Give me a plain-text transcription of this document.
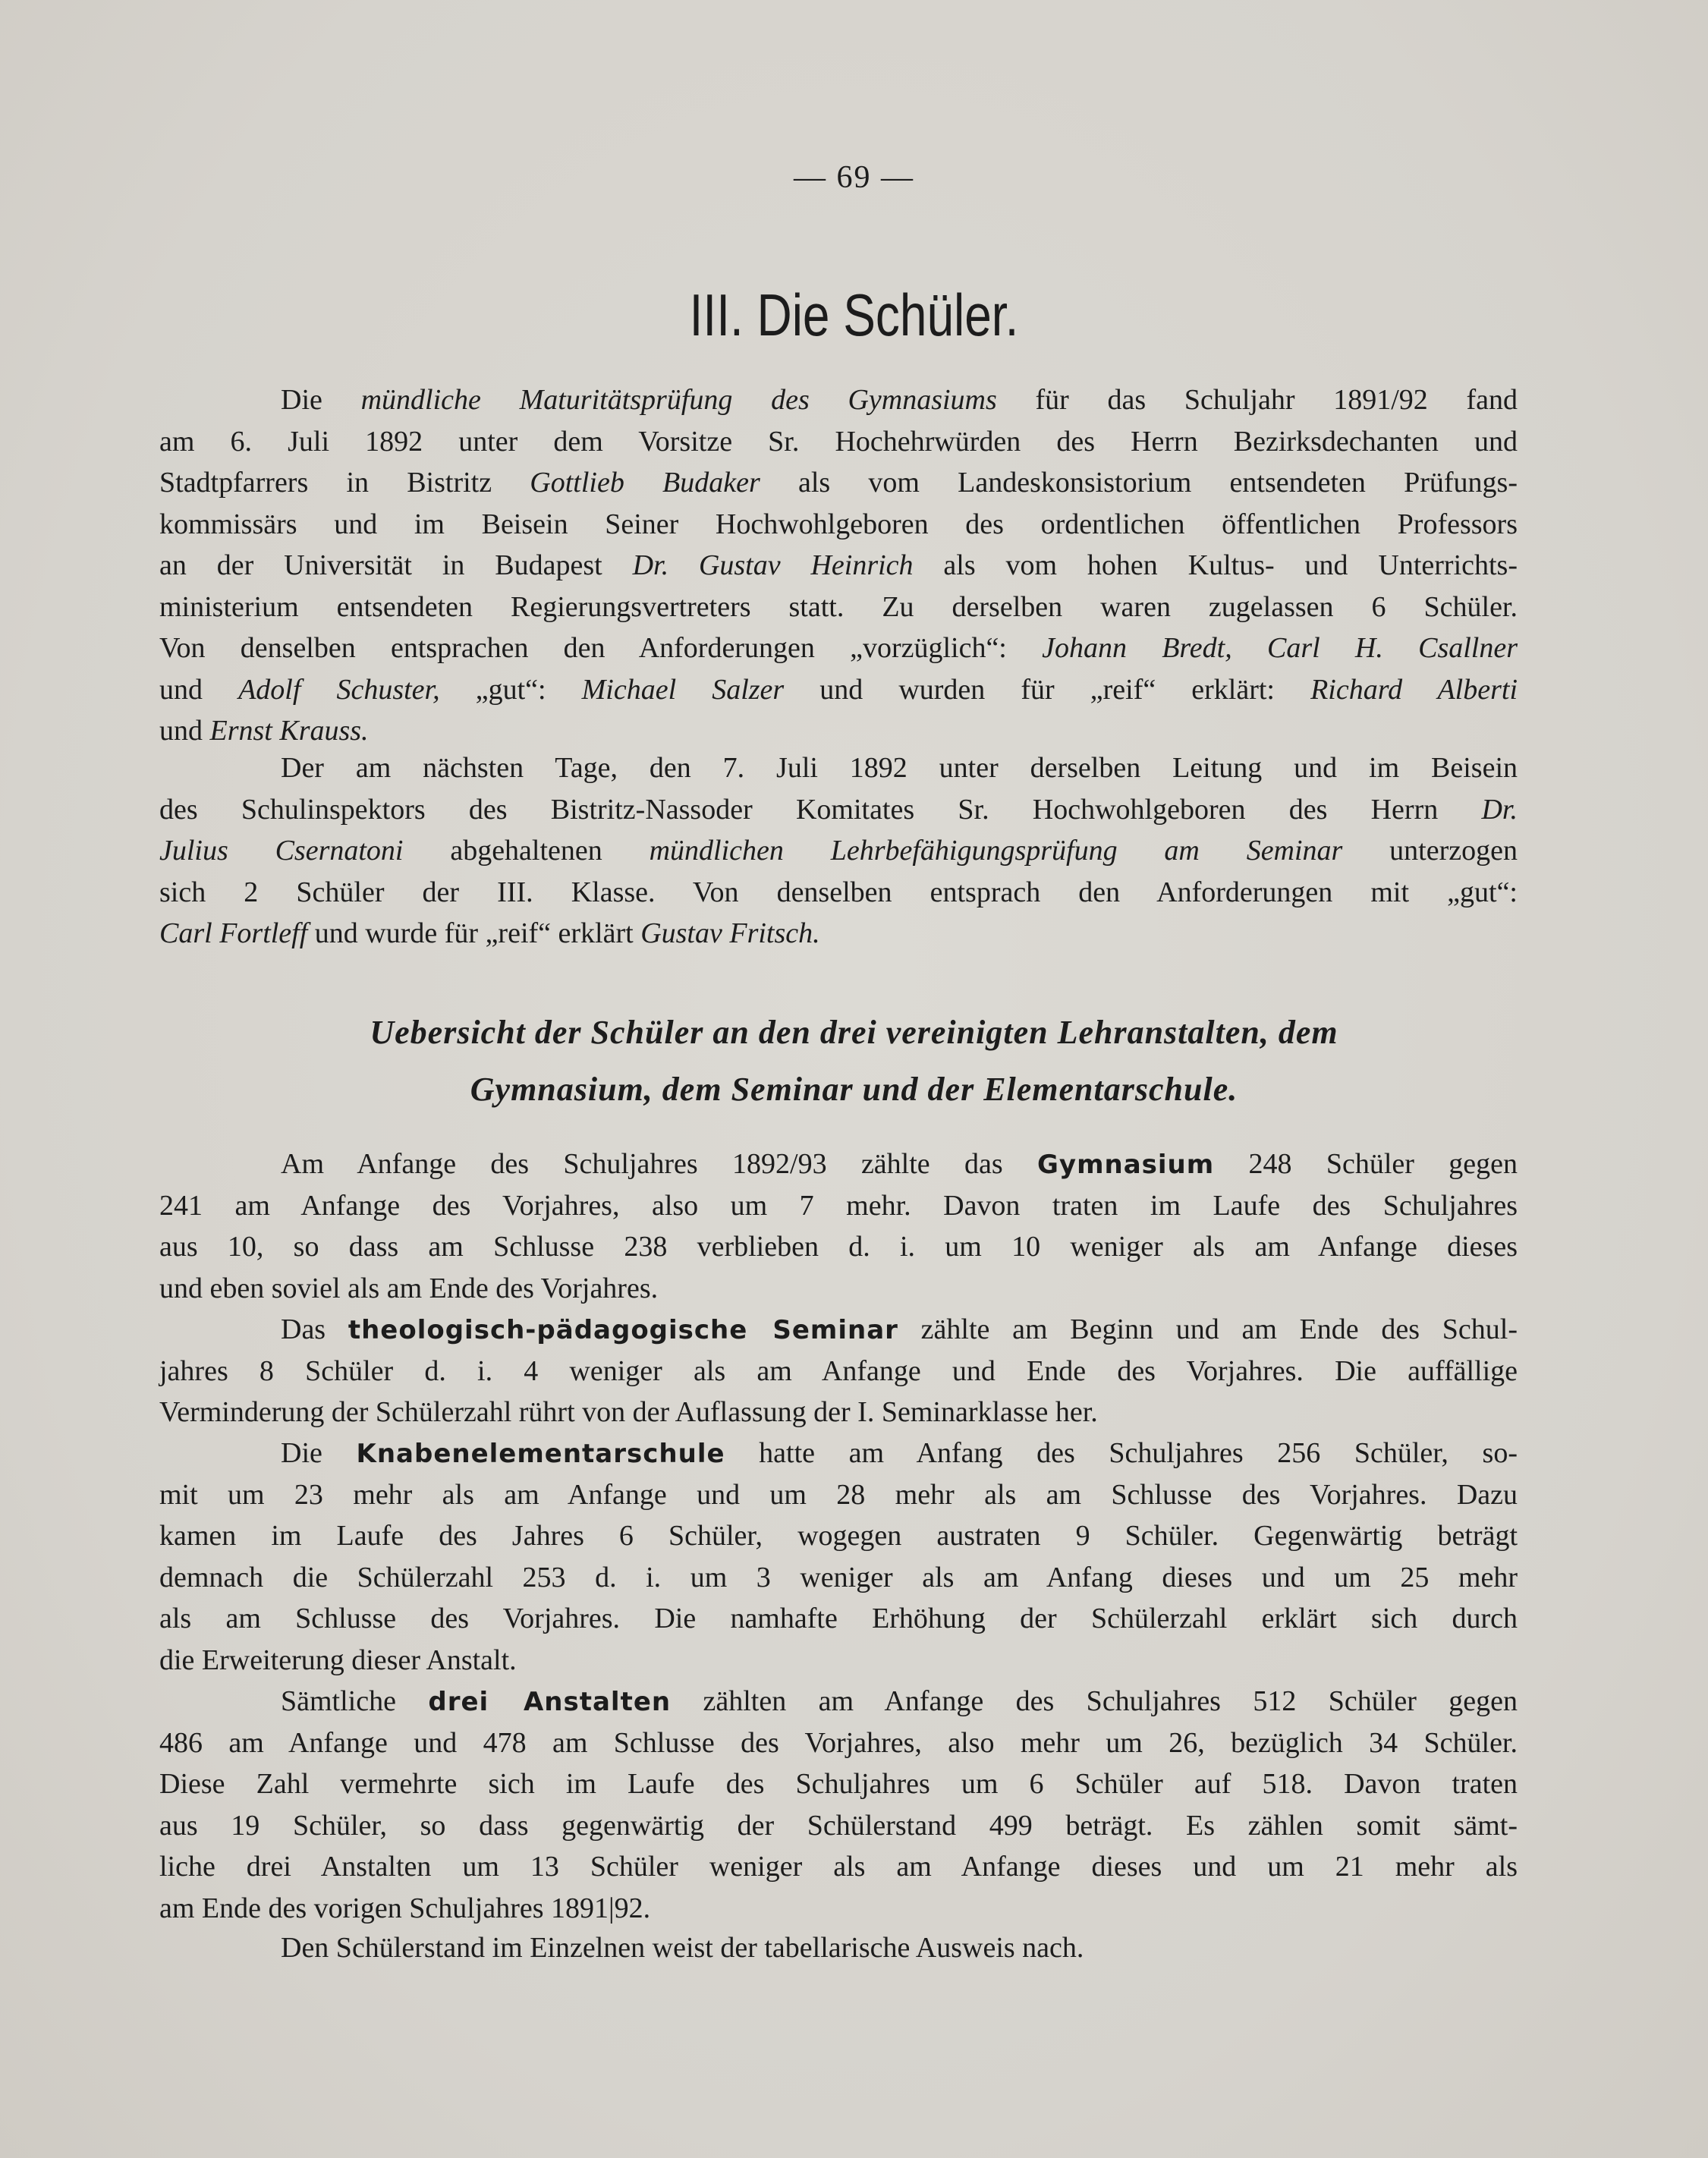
— 69 —
III. Die Schüler.
Die mündliche Maturitätsprüfung des Gymnasiums für das Schuljahr 1891/92 fand
am 6. Juli 1892 unter dem Vorsitze Sr. Hochehrwürden des Herrn Bezirksdechanten und
Stadtpfarrers in Bistritz Gottlieb Budaker als vom Landeskonsistorium entsendeten Prüfungs-
kommissärs und im Beisein Seiner Hochwohlgeboren des ordentlichen öffentlichen Professors
an der Universität in Budapest Dr. Gustav Heinrich als vom hohen Kultus- und Unterrichts-
ministerium entsendeten Regierungsvertreters statt. Zu derselben waren zugelassen 6 Schüler.
Von denselben entsprachen den Anforderungen „vorzüglich“: Johann Bredt, Carl H. Csallner
und Adolf Schuster, „gut“: Michael Salzer und wurden für „reif“ erklärt: Richard Alberti
und Ernst Krauss.
Der am nächsten Tage, den 7. Juli 1892 unter derselben Leitung und im Beisein
des Schulinspektors des Bistritz-Nassoder Komitates Sr. Hochwohlgeboren des Herrn Dr.
Julius Csernatoni abgehaltenen mündlichen Lehrbefähigungsprüfung am Seminar unterzogen
sich 2 Schüler der III. Klasse. Von denselben entsprach den Anforderungen mit „gut“:
Carl Fortleff und wurde für „reif“ erklärt Gustav Fritsch.
Uebersicht der Schüler an den drei vereinigten Lehranstalten, dem
Gymnasium, dem Seminar und der Elementarschule.
Am Anfange des Schuljahres 1892/93 zählte das Gymnasium 248 Schüler gegen
241 am Anfange des Vorjahres, also um 7 mehr. Davon traten im Laufe des Schuljahres
aus 10, so dass am Schlusse 238 verblieben d. i. um 10 weniger als am Anfange dieses
und eben soviel als am Ende des Vorjahres.
Das theologisch-pädagogische Seminar zählte am Beginn und am Ende des Schul-
jahres 8 Schüler d. i. 4 weniger als am Anfange und Ende des Vorjahres. Die auffällige
Verminderung der Schülerzahl rührt von der Auflassung der I. Seminarklasse her.
Die Knabenelementarschule hatte am Anfang des Schuljahres 256 Schüler, so-
mit um 23 mehr als am Anfange und um 28 mehr als am Schlusse des Vorjahres. Dazu
kamen im Laufe des Jahres 6 Schüler, wogegen austraten 9 Schüler. Gegenwärtig beträgt
demnach die Schülerzahl 253 d. i. um 3 weniger als am Anfang dieses und um 25 mehr
als am Schlusse des Vorjahres. Die namhafte Erhöhung der Schülerzahl erklärt sich durch
die Erweiterung dieser Anstalt.
Sämtliche drei Anstalten zählten am Anfange des Schuljahres 512 Schüler gegen
486 am Anfange und 478 am Schlusse des Vorjahres, also mehr um 26, bezüglich 34 Schüler.
Diese Zahl vermehrte sich im Laufe des Schuljahres um 6 Schüler auf 518. Davon traten
aus 19 Schüler, so dass gegenwärtig der Schülerstand 499 beträgt. Es zählen somit sämt-
liche drei Anstalten um 13 Schüler weniger als am Anfange dieses und um 21 mehr als
am Ende des vorigen Schuljahres 1891|92.
Den Schülerstand im Einzelnen weist der tabellarische Ausweis nach.
